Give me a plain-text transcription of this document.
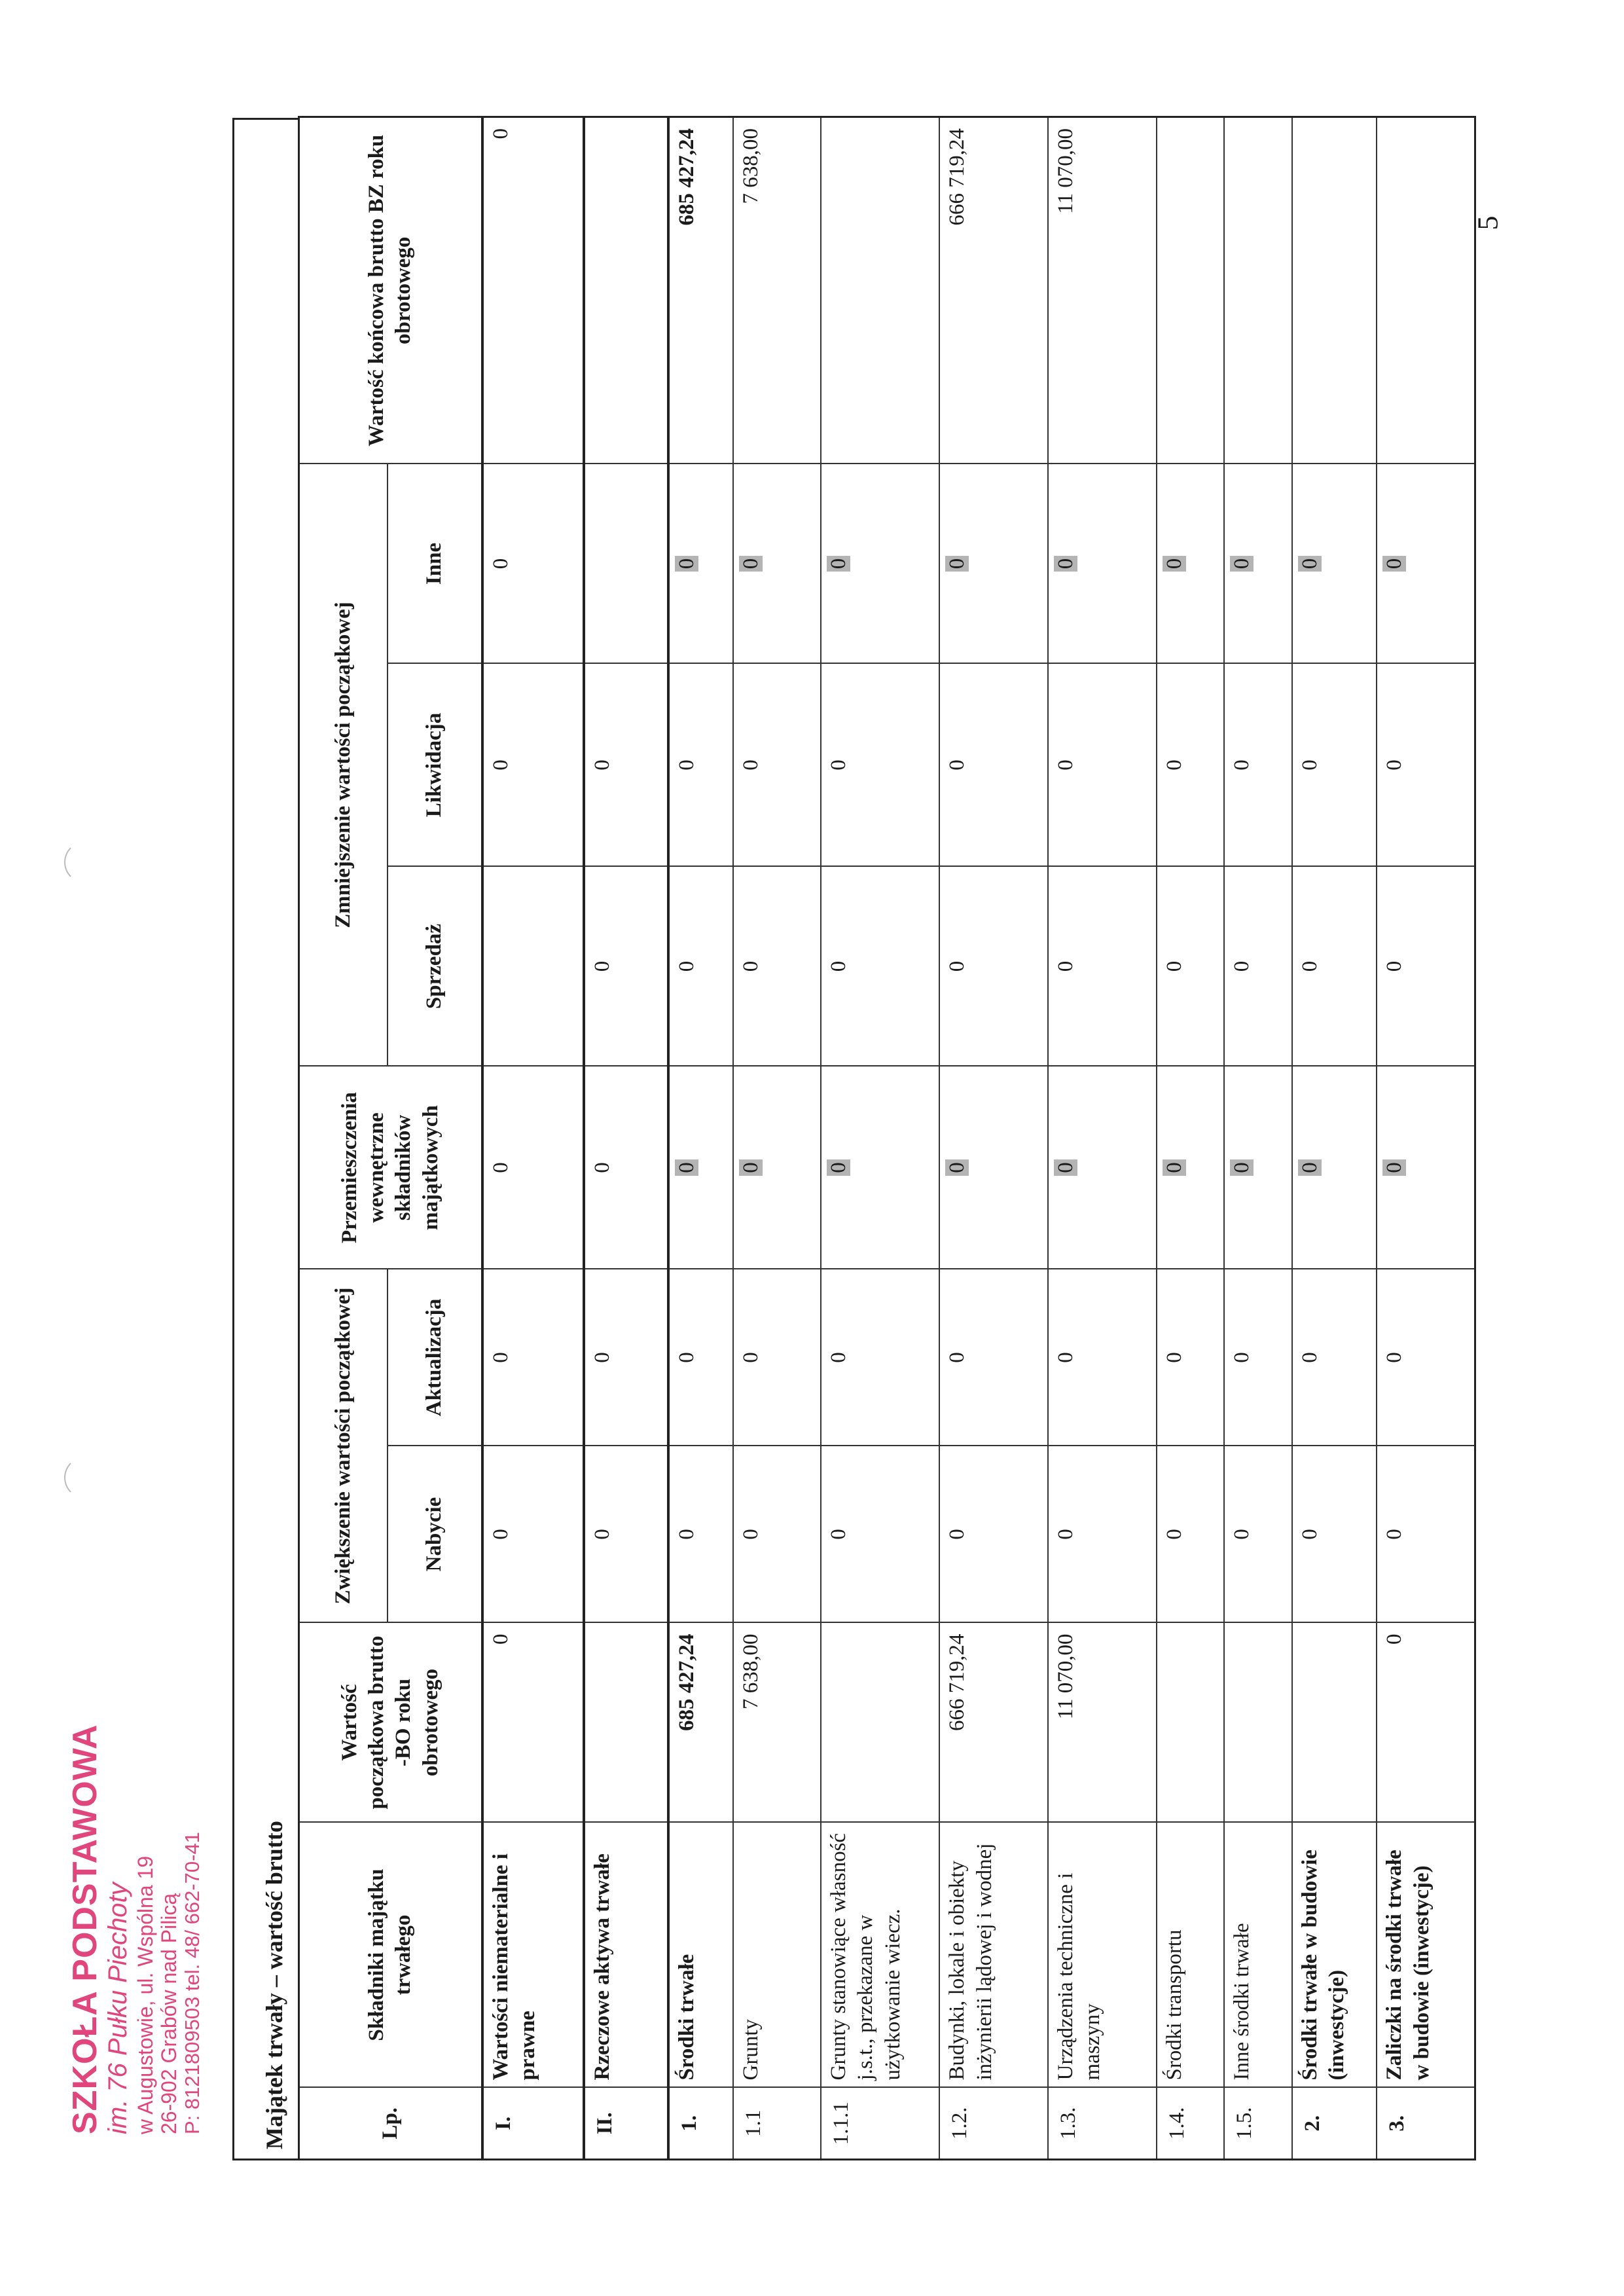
SZKOŁA PODSTAWOWA im. 76 Pułku Piechoty w Augustowie, ul. Wspólna 19 26-902 Grabów nad Pilicą P: 8121809503 tel. 48/ 662-70-41
5
Majątek trwały – wartość brutto	Lp.	Składniki majątku trwałego	Wartość początkowa brutto -BO roku obrotowego	Zwiększenie wartości początkowej		Przemieszczenia wewnętrzne składników majątkowych	Zmniejszenie wartości początkowej			Wartość końcowa brutto BZ roku obrotowego
			Nabycie	Aktualizacja		Sprzedaż	Likwidacja	Inne	
I.	Wartości niematerialne i prawne	0	0	0	0		0	0	0
II.	Rzeczowe aktywa trwałe		0	0	0	0	0		
1.	Środki trwałe	685 427,24	0	0	0	0	0	0	685 427,24
1.1	Grunty	7 638,00	0	0	0	0	0	0	7 638,00
1.1.1	Grunty stanowiące własność j.s.t., przekazane w użytkowanie wiecz.		0	0	0	0	0	0	
1.2.	Budynki, lokale i obiekty inżynierii lądowej i wodnej	666 719,24	0	0	0	0	0	0	666 719,24
1.3.	Urządzenia techniczne i maszyny	11 070,00	0	0	0	0	0	0	11 070,00
1.4.	Środki transportu		0	0	0	0	0	0	
1.5.	Inne środki trwałe		0	0	0	0	0	0	
2.	Środki trwałe w budowie (inwestycje)		0	0	0	0	0	0	
3.	Zaliczki na środki trwałe w budowie (inwestycje)	0	0	0	0	0	0	0	
